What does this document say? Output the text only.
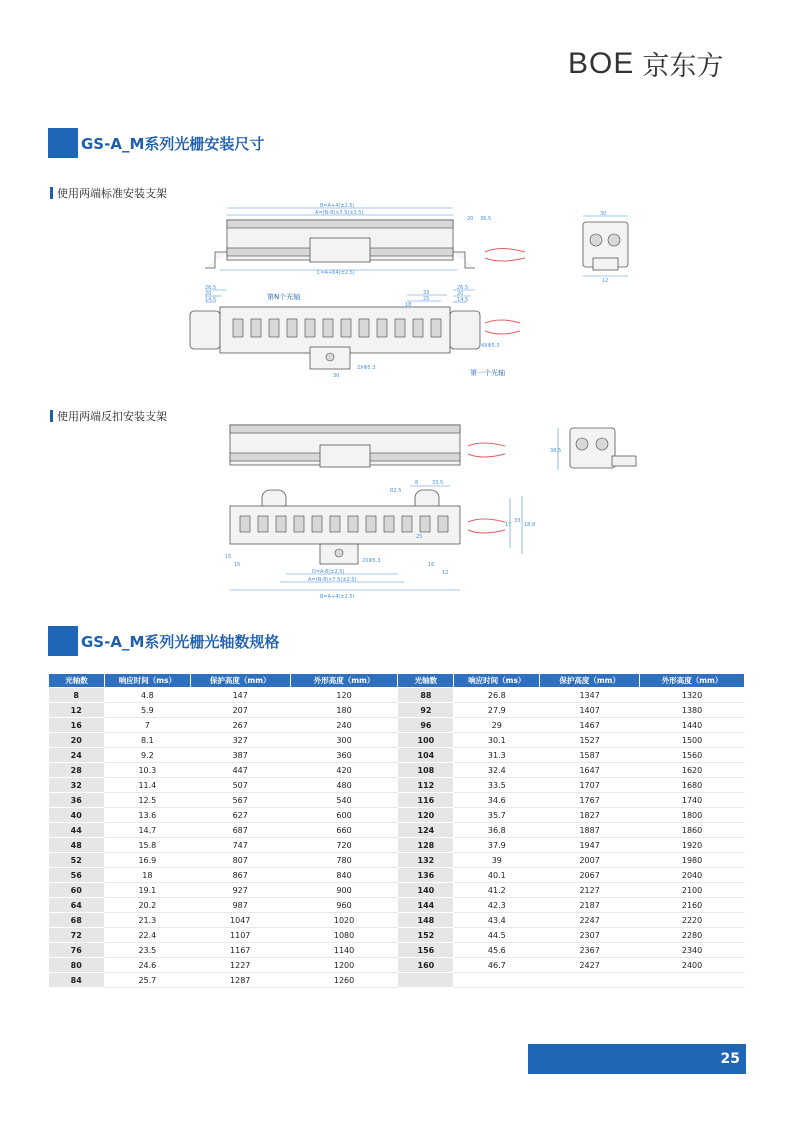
BOE 京东方
GS-A_M系列光栅安装尺寸
使用两端标准安装支架
B=A+4(±2.5)
A=(N-8)×7.5(±2.5)
C=A+64(±2.5)
20 36.5
30
12
26.5
20
14.5	第N个光轴	33
25
18
26.5
20
14.5
30
2XΦ5.3
4XΦ5.3
第一个光轴
使用两端反扣安装支架
38.5
R2.5
8	33.5
17
33
18.8
25
15
2XΦ5.3
D=A-8(±2.5)
A=(N-8)×7.5(±2.5)
B=A+4(±2.5)
15	16
12
GS-A_M系列光栅光轴数规格
光轴数	响应时间（ms）	保护高度（mm）	外形高度（mm）	光轴数	响应时间（ms）	保护高度（mm）	外形高度（mm）
8	4.8	147	120	88	26.8	1347	1320
12	5.9	207	180	92	27.9	1407	1380
16	7	267	240	96	29	1467	1440
20	8.1	327	300	100	30.1	1527	1500
24	9.2	387	360	104	31.3	1587	1560
28	10.3	447	420	108	32.4	1647	1620
32	11.4	507	480	112	33.5	1707	1680
36	12.5	567	540	116	34.6	1767	1740
40	13.6	627	600	120	35.7	1827	1800
44	14.7	687	660	124	36.8	1887	1860
48	15.8	747	720	128	37.9	1947	1920
52	16.9	807	780	132	39	2007	1980
56	18	867	840	136	40.1	2067	2040
60	19.1	927	900	140	41.2	2127	2100
64	20.2	987	960	144	42.3	2187	2160
68	21.3	1047	1020	148	43.4	2247	2220
72	22.4	1107	1080	152	44.5	2307	2280
76	23.5	1167	1140	156	45.6	2367	2340
80	24.6	1227	1200	160	46.7	2427	2400
84	25.7	1287	1260				
25
